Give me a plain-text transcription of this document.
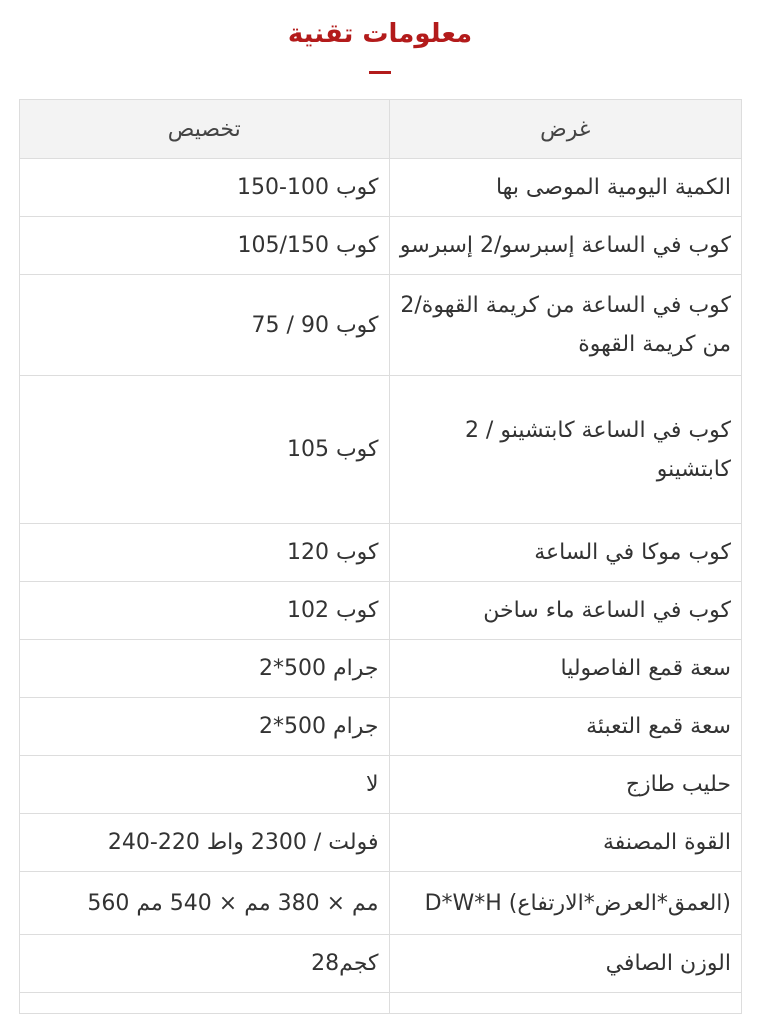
معلومات تقنية
تخصيص	غرض
كوب 100-150	الكمية اليومية الموصى بها
كوب 105/150	كوب في الساعة إسبرسو/2 إسبرسو
كوب 90 / 75	كوب في الساعة من كريمة القهوة/2 من كريمة القهوة
كوب 105	كوب في الساعة كابتشينو / 2 كابتشينو
كوب 120	كوب موكا في الساعة
كوب 102	كوب في الساعة ماء ساخن
جرام 500*2	سعة قمع الفاصوليا
جرام 500*2	سعة قمع التعبئة
لا	حليب طازج
فولت / 2300 واط 220-240	القوة المصنفة
مم × 380 مم × 540 مم 560	(العمق*العرض*الارتفاع) D*W*H
كجم28	الوزن الصافي
